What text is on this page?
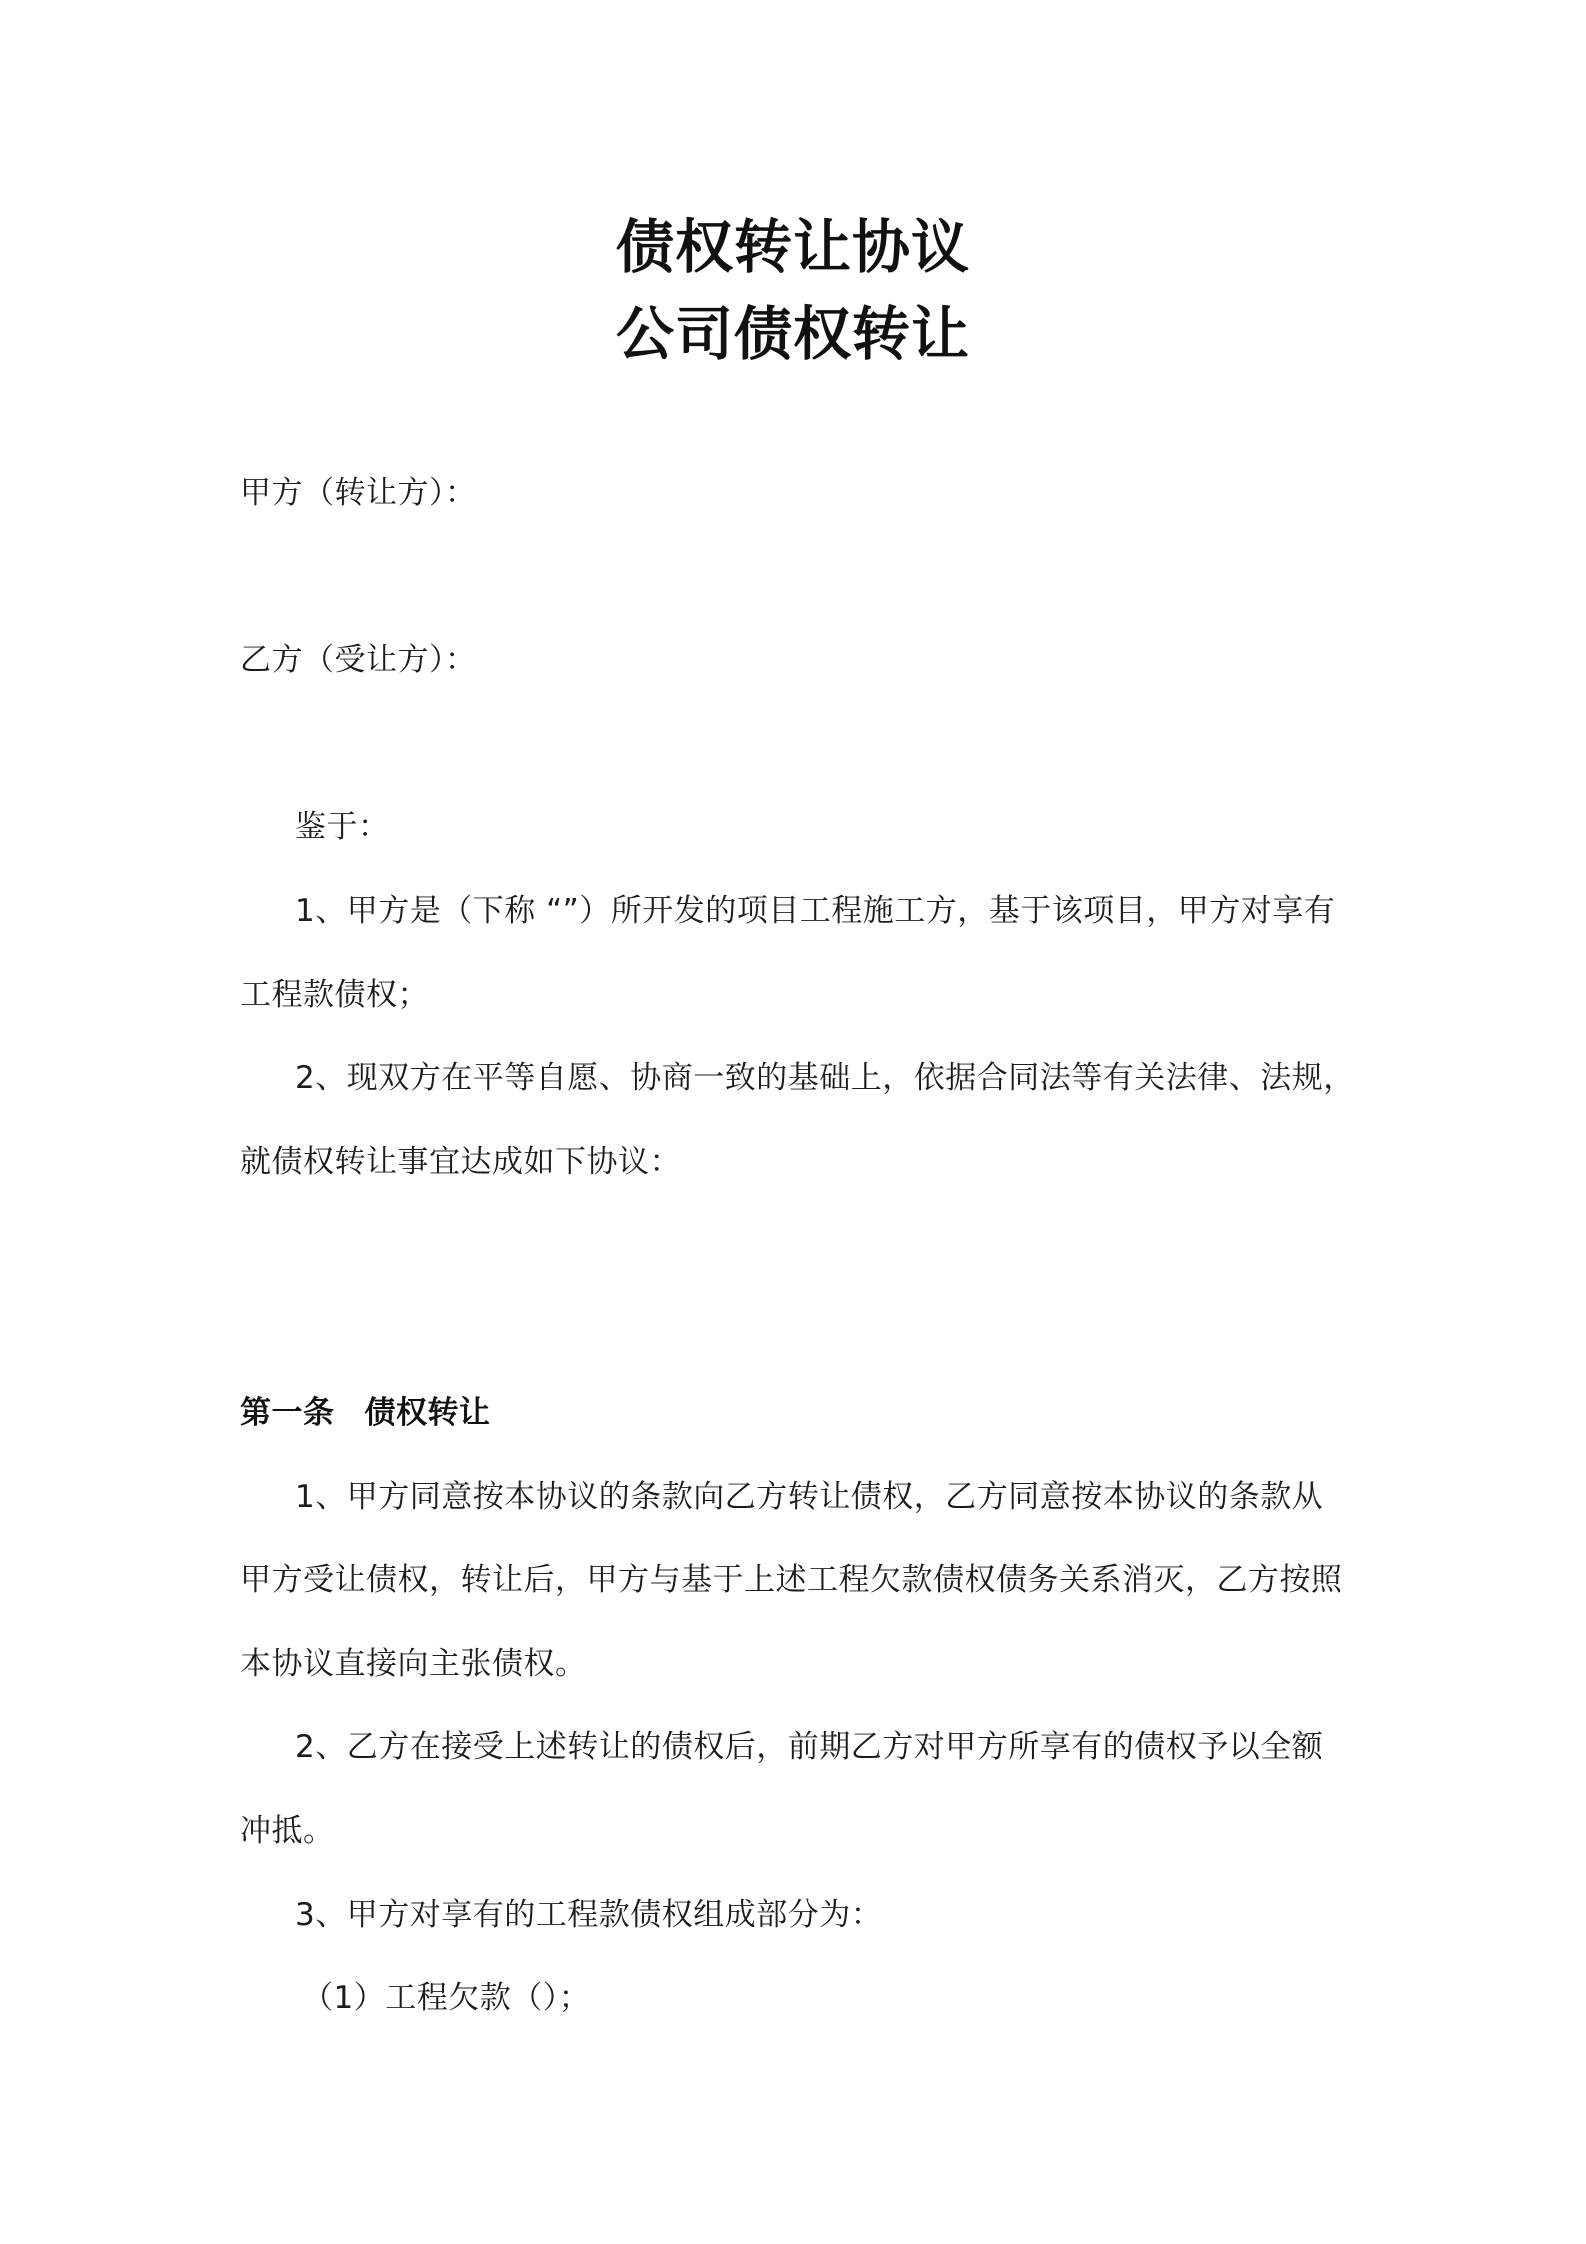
债权转让协议
公司债权转让
甲方（转让方）：
乙方（受让方）：
鉴于：
1、甲方是（下称 “”）所开发的项目工程施工方，基于该项目，甲方对享有
工程款债权；
2、现双方在平等自愿、协商一致的基础上，依据合同法等有关法律、法规，
就债权转让事宜达成如下协议：
第一条 债权转让
1、甲方同意按本协议的条款向乙方转让债权，乙方同意按本协议的条款从
甲方受让债权，转让后，甲方与基于上述工程欠款债权债务关系消灭，乙方按照
本协议直接向主张债权。
2、乙方在接受上述转让的债权后，前期乙方对甲方所享有的债权予以全额
冲抵。
3、甲方对享有的工程款债权组成部分为：
（1）工程欠款（）；
